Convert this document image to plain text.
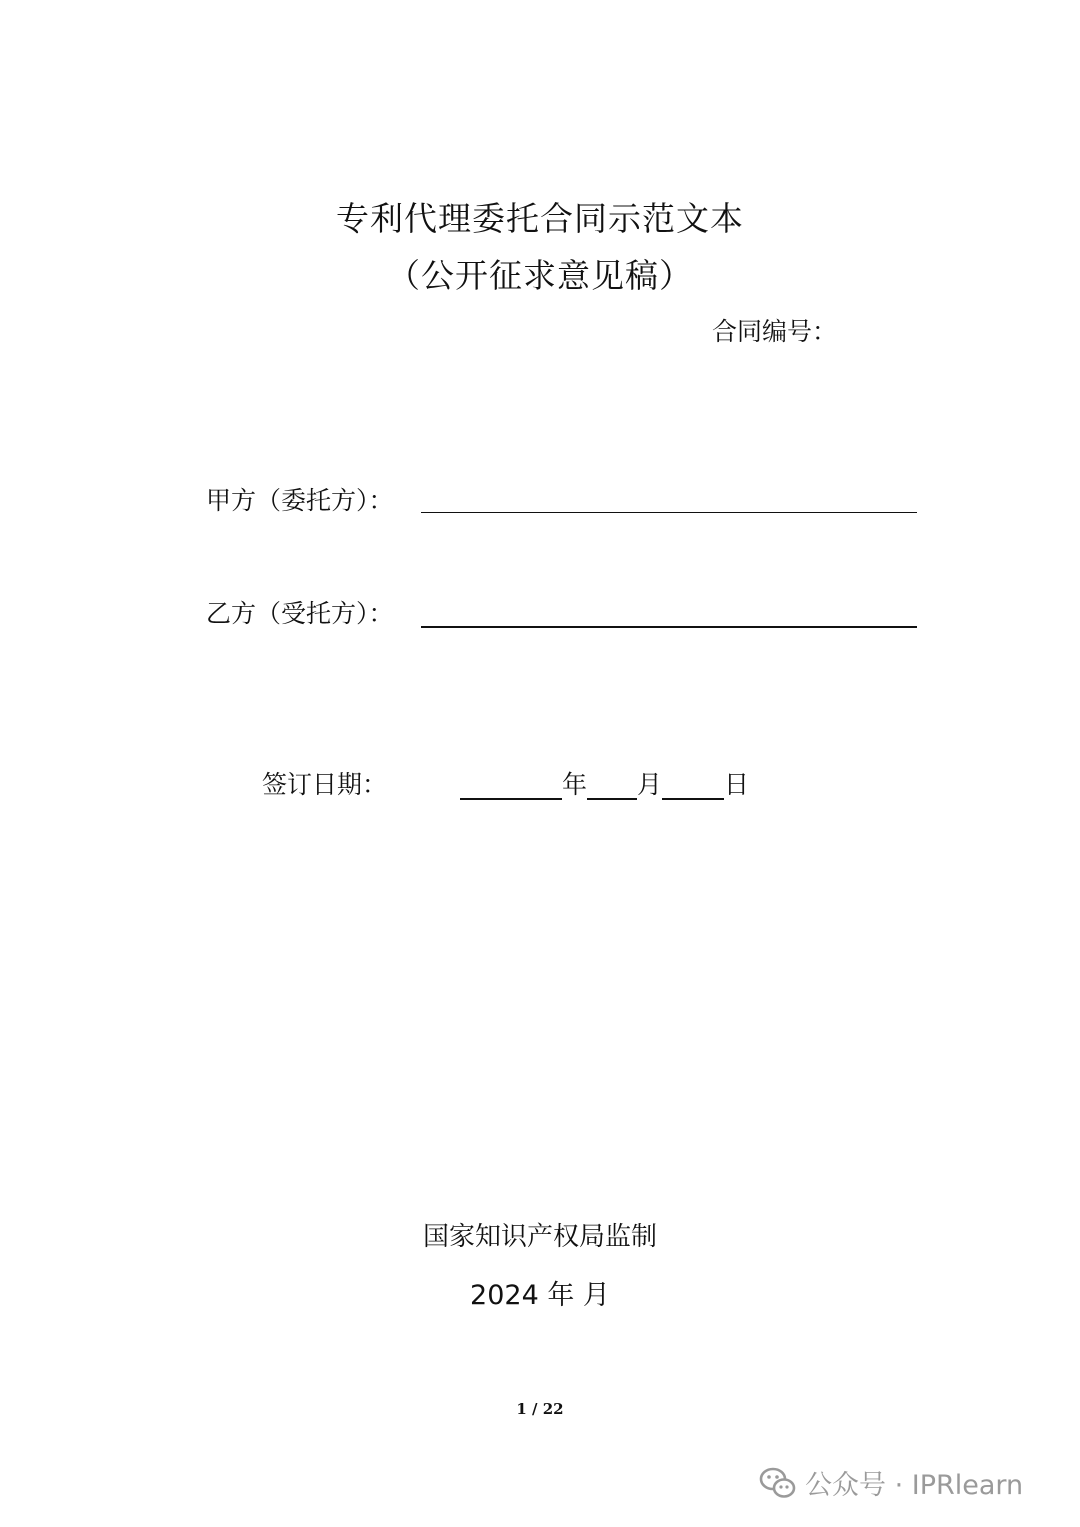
专利代理委托合同示范文本
（公开征求意见稿）
合同编号：
甲方（委托方）：
乙方（受托方）：
签订日期：	年 月 日
国家知识产权局监制
2024 年 月
1 / 22
公众号 · IPRlearn
